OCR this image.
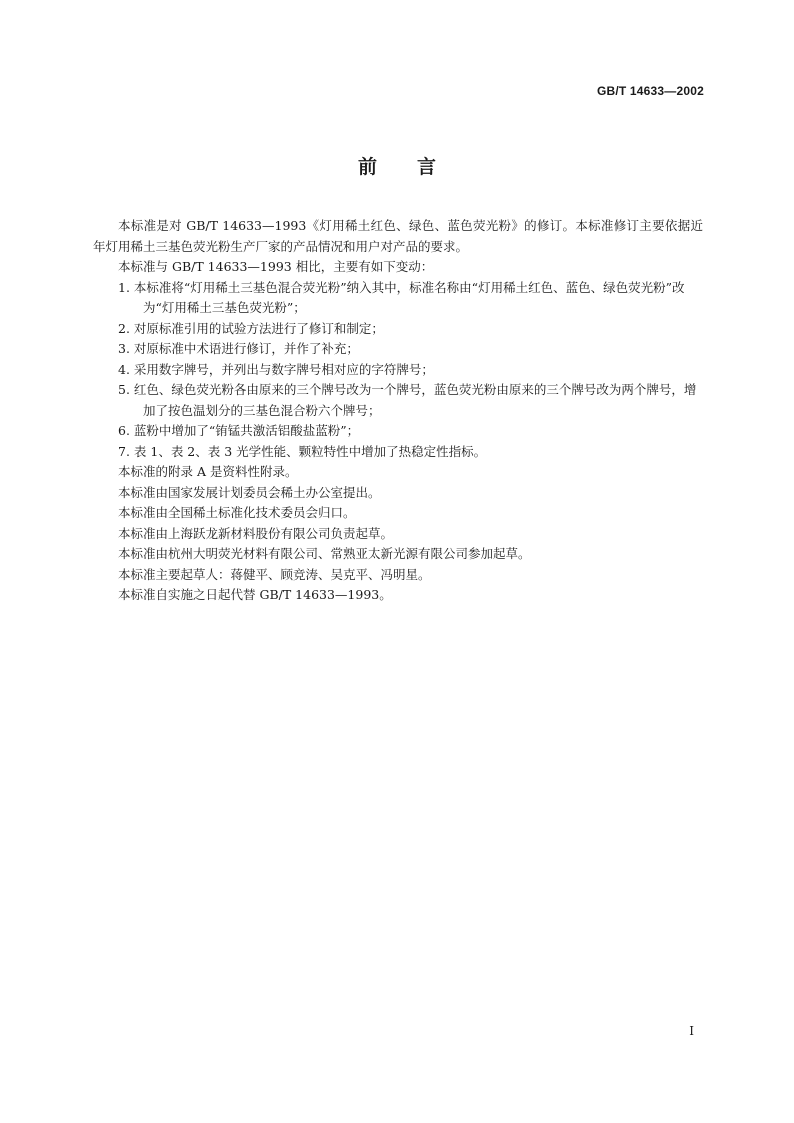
GB/T 14633—2002
前 言

本标准是对 GB/T 14633—1993《灯用稀土红色、绿色、蓝色荧光粉》的修订。本标准修订主要依据近年灯用稀土三基色荧光粉生产厂家的产品情况和用户对产品的要求。

本标准与 GB/T 14633—1993 相比，主要有如下变动：

1. 本标准将“灯用稀土三基色混合荧光粉”纳入其中，标准名称由“灯用稀土红色、蓝色、绿色荧光粉”改为“灯用稀土三基色荧光粉”；

2. 对原标准引用的试验方法进行了修订和制定；

3. 对原标准中术语进行修订，并作了补充；

4. 采用数字牌号，并列出与数字牌号相对应的字符牌号；

5. 红色、绿色荧光粉各由原来的三个牌号改为一个牌号，蓝色荧光粉由原来的三个牌号改为两个牌号，增加了按色温划分的三基色混合粉六个牌号；

6. 蓝粉中增加了“铕锰共激活铝酸盐蓝粉”；

7. 表 1、表 2、表 3 光学性能、颗粒特性中增加了热稳定性指标。

本标准的附录 A 是资料性附录。

本标准由国家发展计划委员会稀土办公室提出。

本标准由全国稀土标准化技术委员会归口。

本标准由上海跃龙新材料股份有限公司负责起草。

本标准由杭州大明荧光材料有限公司、常熟亚太新光源有限公司参加起草。

本标准主要起草人：蒋健平、顾竞涛、吴克平、冯明星。

本标准自实施之日起代替 GB/T 14633—1993。

I
